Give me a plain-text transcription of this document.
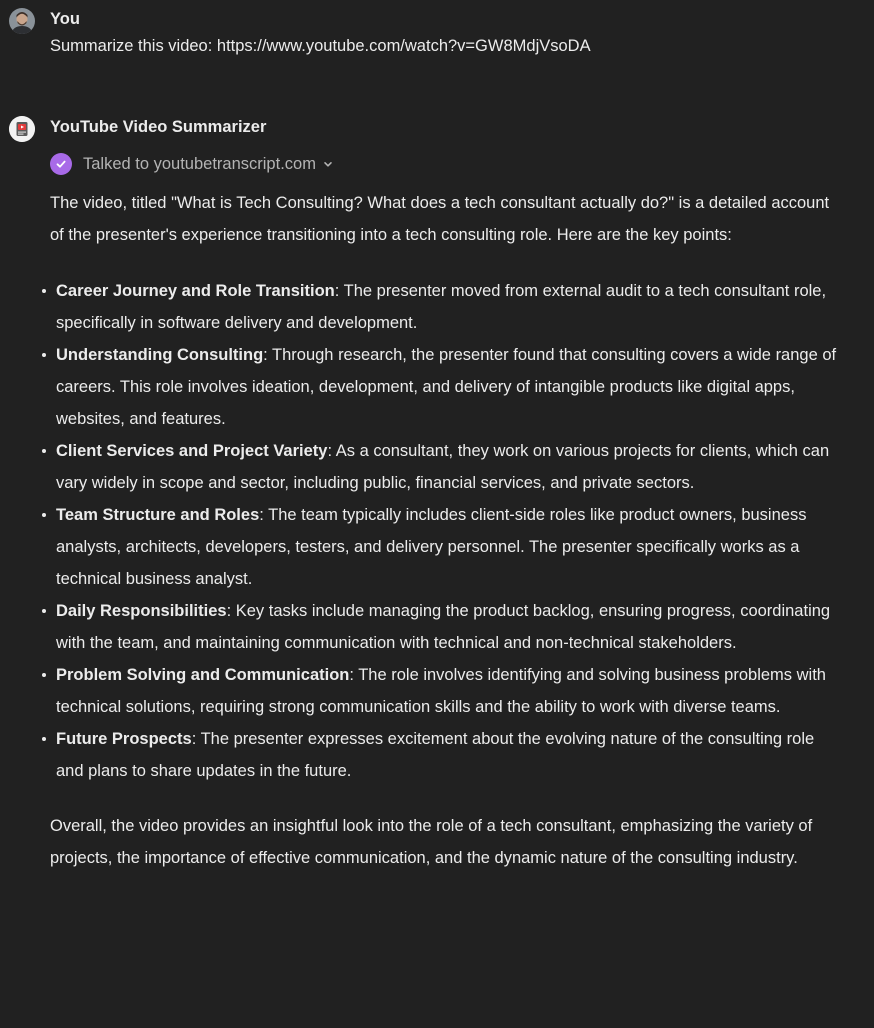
You
Summarize this video: https://www.youtube.com/watch?v=GW8MdjVsoDA
YouTube Video Summarizer
Talked to youtubetranscript.com

The video, titled "What is Tech Consulting? What does a tech consultant actually do?" is a detailed account of the presenter's experience transitioning into a tech consulting role. Here are the key points:

Career Journey and Role Transition: The presenter moved from external audit to a tech consultant role, specifically in software delivery and development.
Understanding Consulting: Through research, the presenter found that consulting covers a wide range of careers. This role involves ideation, development, and delivery of intangible products like digital apps, websites, and features.
Client Services and Project Variety: As a consultant, they work on various projects for clients, which can vary widely in scope and sector, including public, financial services, and private sectors.
Team Structure and Roles: The team typically includes client-side roles like product owners, business analysts, architects, developers, testers, and delivery personnel. The presenter specifically works as a technical business analyst.
Daily Responsibilities: Key tasks include managing the product backlog, ensuring progress, coordinating with the team, and maintaining communication with technical and non-technical stakeholders.
Problem Solving and Communication: The role involves identifying and solving business problems with technical solutions, requiring strong communication skills and the ability to work with diverse teams.
Future Prospects: The presenter expresses excitement about the evolving nature of the consulting role and plans to share updates in the future.

Overall, the video provides an insightful look into the role of a tech consultant, emphasizing the variety of projects, the importance of effective communication, and the dynamic nature of the consulting industry.
